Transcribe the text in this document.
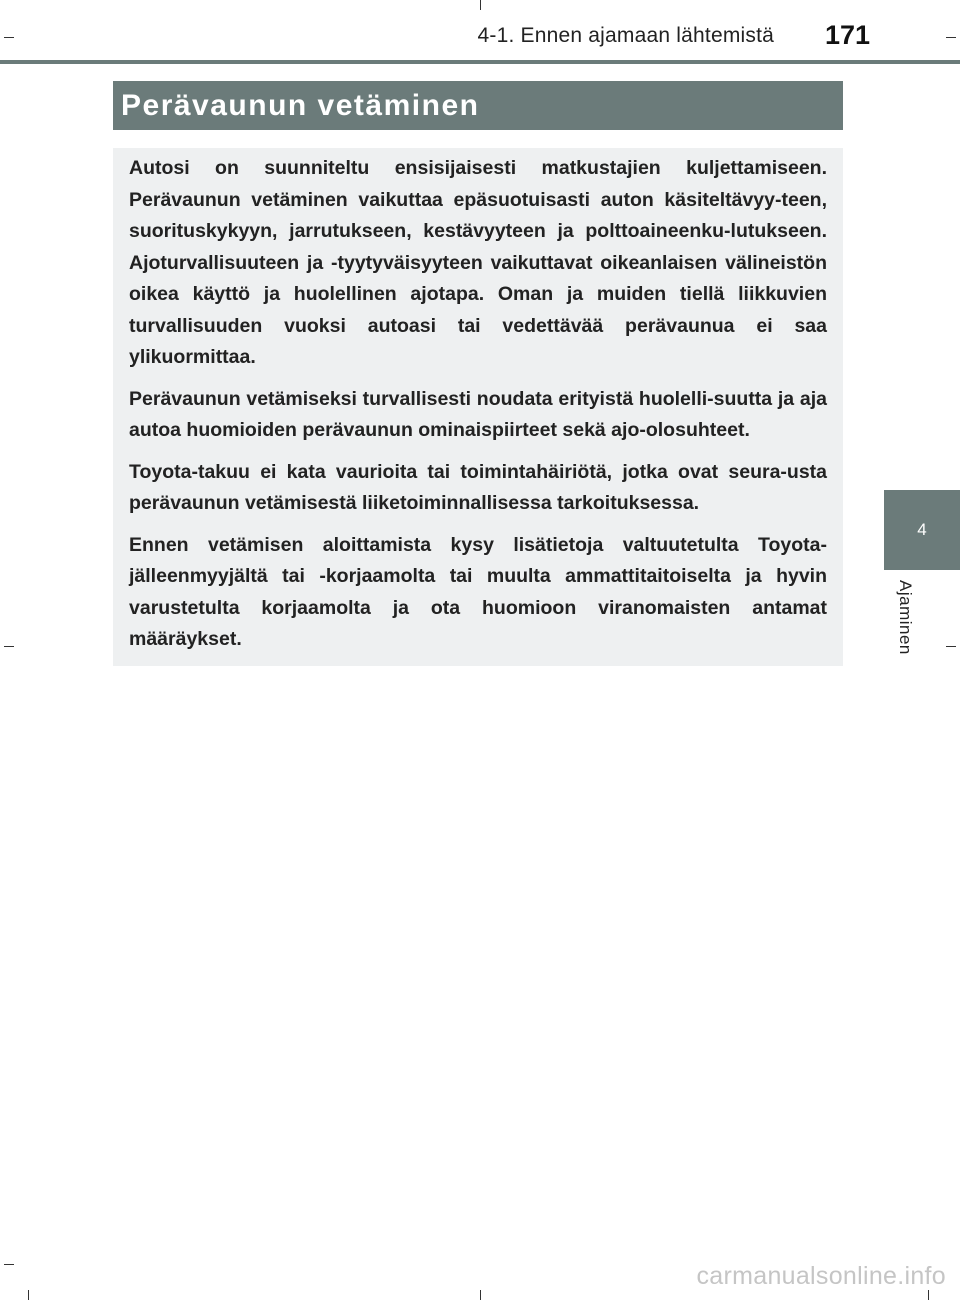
4-1. Ennen ajamaan lähtemistä 171
Perävaunun vetäminen

Autosi on suunniteltu ensisijaisesti matkustajien kuljettamiseen. Perävaunun vetäminen vaikuttaa epäsuotuisasti auton käsiteltävyy-teen, suorituskykyyn, jarrutukseen, kestävyyteen ja polttoaineenku-lutukseen. Ajoturvallisuuteen ja -tyytyväisyyteen vaikuttavat oikeanlaisen välineistön oikea käyttö ja huolellinen ajotapa. Oman ja muiden tiellä liikkuvien turvallisuuden vuoksi autoasi tai vedettävää perävaunua ei saa ylikuormittaa.

Perävaunun vetämiseksi turvallisesti noudata erityistä huolelli-suutta ja aja autoa huomioiden perävaunun ominaispiirteet sekä ajo-olosuhteet.

Toyota-takuu ei kata vaurioita tai toimintahäiriötä, jotka ovat seura-usta perävaunun vetämisestä liiketoiminnallisessa tarkoituksessa.

Ennen vetämisen aloittamista kysy lisätietoja valtuutetulta Toyota-jälleenmyyjältä tai -korjaamolta tai muulta ammattitaitoiselta ja hyvin varustetulta korjaamolta ja ota huomioon viranomaisten antamat määräykset.

4
Ajaminen
carmanualsonline.info
